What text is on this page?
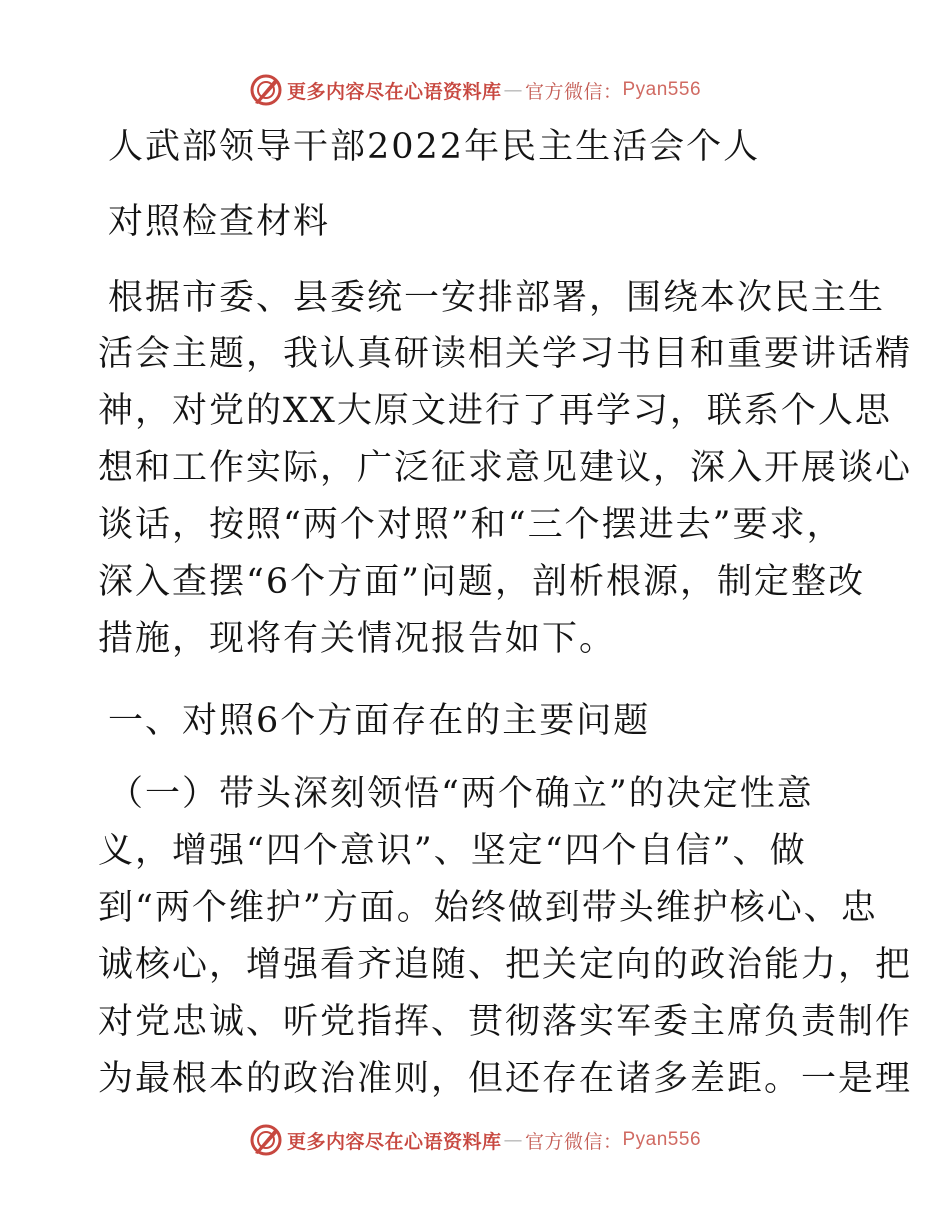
更多内容尽在心语资料库 — 官方微信： Pyan556
人武部领导干部2022年民主生活会个人
对照检查材料
根据市委、县委统一安排部署，围绕本次民主生
活会主题，我认真研读相关学习书目和重要讲话精
神，对党的XX大原文进行了再学习，联系个人思
想和工作实际，广泛征求意见建议，深入开展谈心
谈话，按照“两个对照”和“三个摆进去”要求，
深入查摆“6个方面”问题，剖析根源，制定整改
措施，现将有关情况报告如下。
一、对照6个方面存在的主要问题
（一）带头深刻领悟“两个确立”的决定性意
义，增强“四个意识”、坚定“四个自信”、做
到“两个维护”方面。始终做到带头维护核心、忠
诚核心，增强看齐追随、把关定向的政治能力，把
对党忠诚、听党指挥、贯彻落实军委主席负责制作
为最根本的政治准则，但还存在诸多差距。一是理
更多内容尽在心语资料库 — 官方微信： Pyan556
